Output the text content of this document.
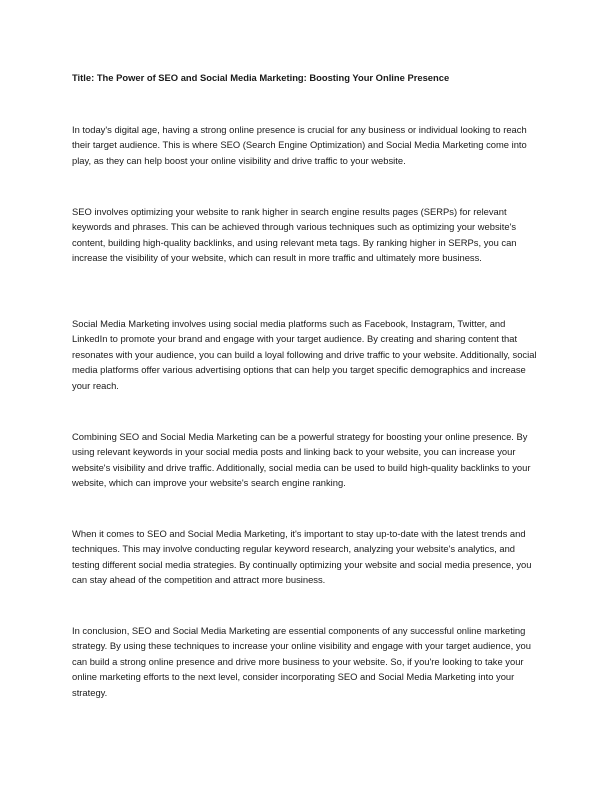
Title: The Power of SEO and Social Media Marketing: Boosting Your Online Presence

In today's digital age, having a strong online presence is crucial for any business or individual looking to reach their target audience. This is where SEO (Search Engine Optimization) and Social Media Marketing come into play, as they can help boost your online visibility and drive traffic to your website.

SEO involves optimizing your website to rank higher in search engine results pages (SERPs) for relevant keywords and phrases. This can be achieved through various techniques such as optimizing your website's content, building high-quality backlinks, and using relevant meta tags. By ranking higher in SERPs, you can increase the visibility of your website, which can result in more traffic and ultimately more business.

Social Media Marketing involves using social media platforms such as Facebook, Instagram, Twitter, and LinkedIn to promote your brand and engage with your target audience. By creating and sharing content that resonates with your audience, you can build a loyal following and drive traffic to your website. Additionally, social media platforms offer various advertising options that can help you target specific demographics and increase your reach.

Combining SEO and Social Media Marketing can be a powerful strategy for boosting your online presence. By using relevant keywords in your social media posts and linking back to your website, you can increase your website's visibility and drive traffic. Additionally, social media can be used to build high-quality backlinks to your website, which can improve your website's search engine ranking.

When it comes to SEO and Social Media Marketing, it's important to stay up-to-date with the latest trends and techniques. This may involve conducting regular keyword research, analyzing your website's analytics, and testing different social media strategies. By continually optimizing your website and social media presence, you can stay ahead of the competition and attract more business.

In conclusion, SEO and Social Media Marketing are essential components of any successful online marketing strategy. By using these techniques to increase your online visibility and engage with your target audience, you can build a strong online presence and drive more business to your website. So, if you're looking to take your online marketing efforts to the next level, consider incorporating SEO and Social Media Marketing into your strategy.
